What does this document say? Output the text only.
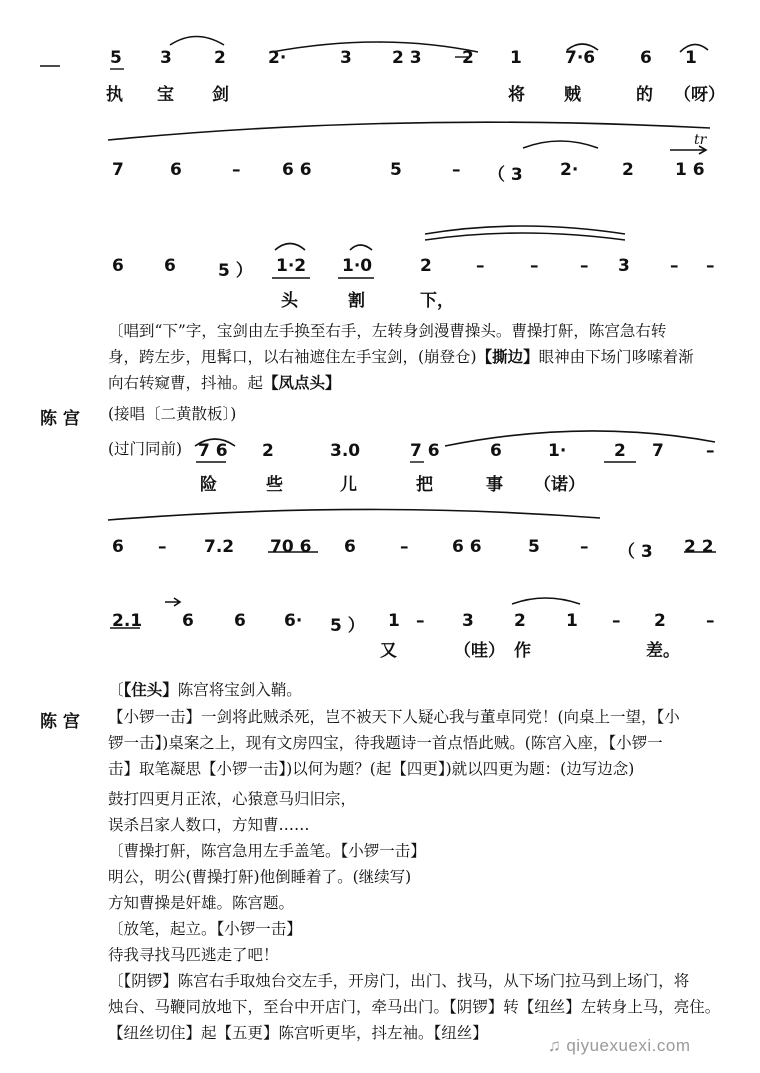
5 3 2 2·	3 2 3 2 1	7·6	6 1
执 宝 剑	将 贼	的 （呀）
7	6	– 6 6	5	– （ 3 2·	2 1 6
tr
6 6 5 ） 1·2 1·0	2	–	– – 3 – –
头	割	下，
〔唱到“下”字，宝剑由左手换至右手，左转身剑漫曹操头。曹操打鼾，陈宫急右转
身，跨左步，甩髯口，以右袖遮住左手宝剑，(崩登仓)【撕边】眼神由下场门哆嗦着渐
向右转窥曹，抖袖。起【凤点头】
陈 宫 (接唱〔二黄散板〕)
(过门同前) 7 6 2	3.0	7 6	6	1·	2 7 –
险	些	儿	把	事 （诺）
6 – 7.2 70 6 6	–	6 6	5 – （ 3 2 2
2.1 6 6 6· 5 ） 1 – 3 2 1 – 2 –
又	（哇） 作	差。
〔【住头】陈宫将宝剑入鞘。
陈 宫 【小锣一击】一剑将此贼杀死，岂不被天下人疑心我与董卓同党！(向桌上一望，【小
锣一击】)桌案之上，现有文房四宝，待我题诗一首点悟此贼。(陈宫入座，【小锣一
击】取笔凝思【小锣一击】)以何为题？(起【四更】)就以四更为题：(边写边念)
鼓打四更月正浓，心猿意马归旧宗，
误杀吕家人数口，方知曹……
〔曹操打鼾，陈宫急用左手盖笔。【小锣一击】
明公，明公(曹操打鼾)他倒睡着了。(继续写)
方知曹操是奸雄。陈宫题。
〔放笔，起立。【小锣一击】
待我寻找马匹逃走了吧！
〔【阴锣】陈宫右手取烛台交左手，开房门，出门、找马，从下场门拉马到上场门，将
烛台、马鞭同放地下，至台中开店门，牵马出门。【阴锣】转【纽丝】左转身上马，亮住。
【纽丝切住】起【五更】陈宫听更毕，抖左袖。【纽丝】
♫ qiyuexuexi.com
